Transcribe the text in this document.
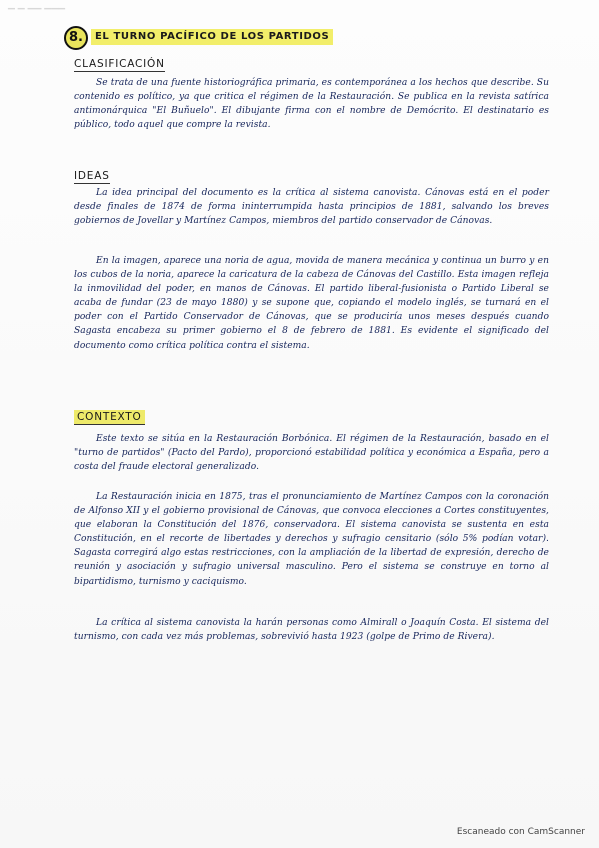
▁ ▁ ▁▁ ▁▁▁
8.	EL TURNO PACÍFICO DE LOS PARTIDOS
CLASIFICACIÓN

Se trata de una fuente historiográfica primaria, es contemporánea a los hechos que describe. Su contenido es político, ya que critica el régimen de la Restauración. Se publica en la revista satírica antimonárquica "El Buñuelo". El dibujante firma con el nombre de Demócrito. El destinatario es público, todo aquel que compre la revista.

IDEAS

La idea principal del documento es la crítica al sistema canovista. Cánovas está en el poder desde finales de 1874 de forma ininterrumpida hasta principios de 1881, salvando los breves gobiernos de Jovellar y Martínez Campos, miembros del partido conservador de Cánovas.

En la imagen, aparece una noria de agua, movida de manera mecánica y continua un burro y en los cubos de la noria, aparece la caricatura de la cabeza de Cánovas del Castillo. Esta imagen refleja la inmovilidad del poder, en manos de Cánovas. El partido liberal-fusionista o Partido Liberal se acaba de fundar (23 de mayo 1880) y se supone que, copiando el modelo inglés, se turnará en el poder con el Partido Conservador de Cánovas, que se produciría unos meses después cuando Sagasta encabeza su primer gobierno el 8 de febrero de 1881. Es evidente el significado del documento como crítica política contra el sistema.

CONTEXTO

Este texto se sitúa en la Restauración Borbónica. El régimen de la Restauración, basado en el "turno de partidos" (Pacto del Pardo), proporcionó estabilidad política y económica a España, pero a costa del fraude electoral generalizado.

La Restauración inicia en 1875, tras el pronunciamiento de Martínez Campos con la coronación de Alfonso XII y el gobierno provisional de Cánovas, que convoca elecciones a Cortes constituyentes, que elaboran la Constitución del 1876, conservadora. El sistema canovista se sustenta en esta Constitución, en el recorte de libertades y derechos y sufragio censitario (sólo 5% podían votar). Sagasta corregirá algo estas restricciones, con la ampliación de la libertad de expresión, derecho de reunión y asociación y sufragio universal masculino. Pero el sistema se construye en torno al bipartidismo, turnismo y caciquismo.

La crítica al sistema canovista la harán personas como Almirall o Joaquín Costa. El sistema del turnismo, con cada vez más problemas, sobrevivió hasta 1923 (golpe de Primo de Rivera).

Escaneado con CamScanner
